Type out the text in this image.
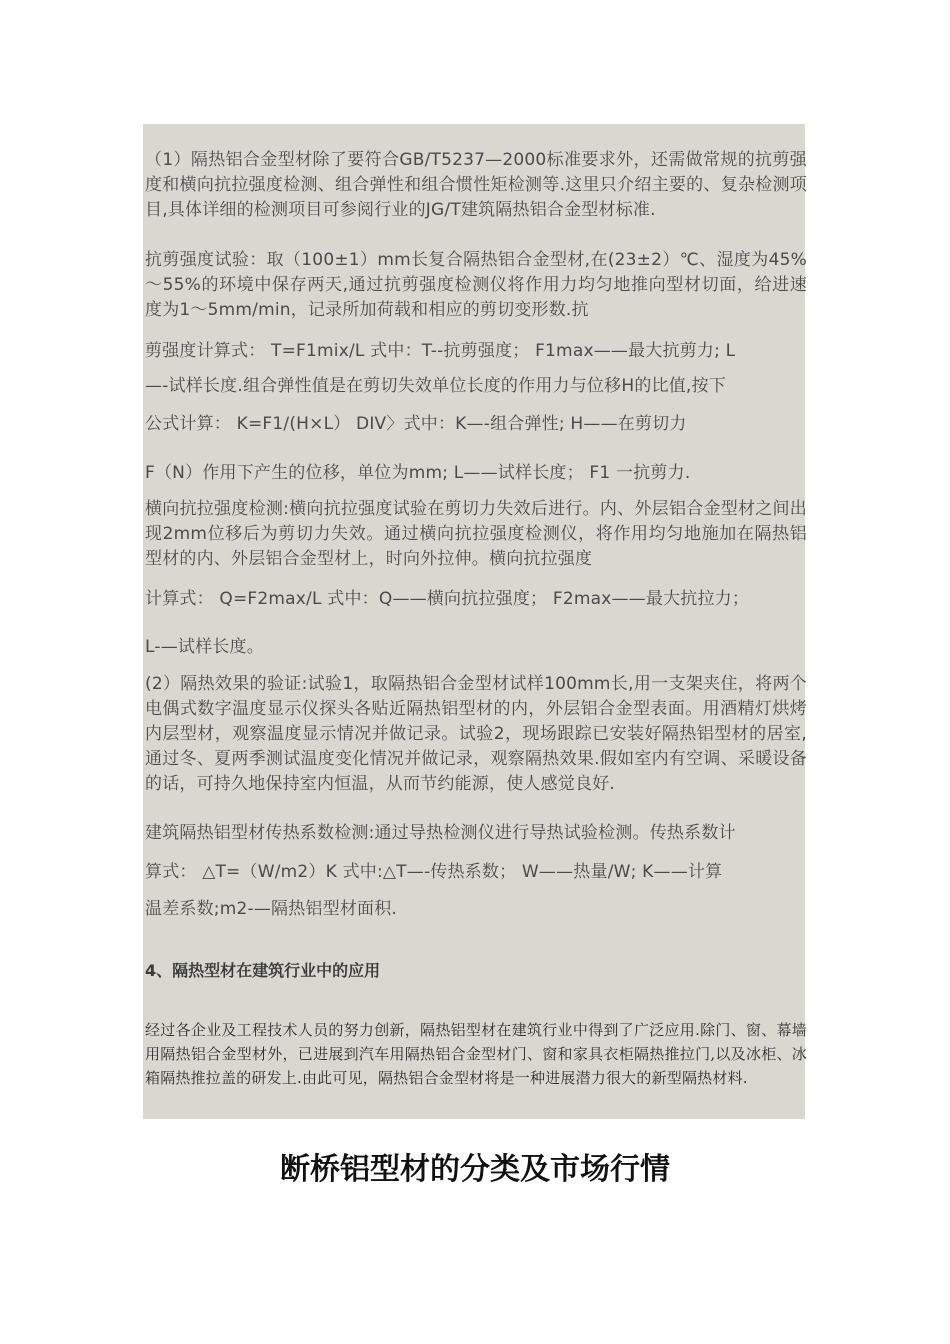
（1）隔热铝合金型材除了要符合GB/T5237—2000标准要求外，还需做常规的抗剪强度和横向抗拉强度检测、组合弹性和组合惯性矩检测等.这里只介绍主要的、复杂检测项目,具体详细的检测项目可参阅行业的JG/T建筑隔热铝合金型材标准.

抗剪强度试验：取（100±1）mm长复合隔热铝合金型材,在(23±2）℃、湿度为45%～55%的环境中保存两天,通过抗剪强度检测仪将作用力均匀地推向型材切面，给进速度为1～5mm/min，记录所加荷载和相应的剪切变形数.抗

剪强度计算式： T=F1mix/L 式中：T--抗剪强度； F1max——最大抗剪力; L

—-试样长度.组合弹性值是在剪切失效单位长度的作用力与位移H的比值,按下

公式计算： K=F1/(H×L） DIV〉式中：K—-组合弹性; H——在剪切力

F（N）作用下产生的位移，单位为mm; L——试样长度； F1 一抗剪力.

横向抗拉强度检测:横向抗拉强度试验在剪切力失效后进行。内、外层铝合金型材之间出现2mm位移后为剪切力失效。通过横向抗拉强度检测仪，将作用均匀地施加在隔热铝型材的内、外层铝合金型材上，时向外拉伸。横向抗拉强度

计算式： Q=F2max/L 式中：Q——横向抗拉强度； F2max——最大抗拉力；

L-—试样长度。

(2）隔热效果的验证:试验1，取隔热铝合金型材试样100mm长,用一支架夹住，将两个电偶式数字温度显示仪探头各贴近隔热铝型材的内，外层铝合金型表面。用酒精灯烘烤内层型材，观察温度显示情况并做记录。试验2，现场跟踪已安装好隔热铝型材的居室,通过冬、夏两季测试温度变化情况并做记录，观察隔热效果.假如室内有空调、采暖设备的话，可持久地保持室内恒温，从而节约能源，使人感觉良好.

建筑隔热铝型材传热系数检测:通过导热检测仪进行导热试验检测。传热系数计

算式： △T=（W/m2）K 式中:△T—-传热系数； W——热量/W; K——计算

温差系数;m2-—隔热铝型材面积.

4、隔热型材在建筑行业中的应用

经过各企业及工程技术人员的努力创新，隔热铝型材在建筑行业中得到了广泛应用.除门、窗、幕墙用隔热铝合金型材外，已进展到汽车用隔热铝合金型材门、窗和家具衣柜隔热推拉门,以及冰柜、冰箱隔热推拉盖的研发上.由此可见，隔热铝合金型材将是一种进展潜力很大的新型隔热材料.

断桥铝型材的分类及市场行情
